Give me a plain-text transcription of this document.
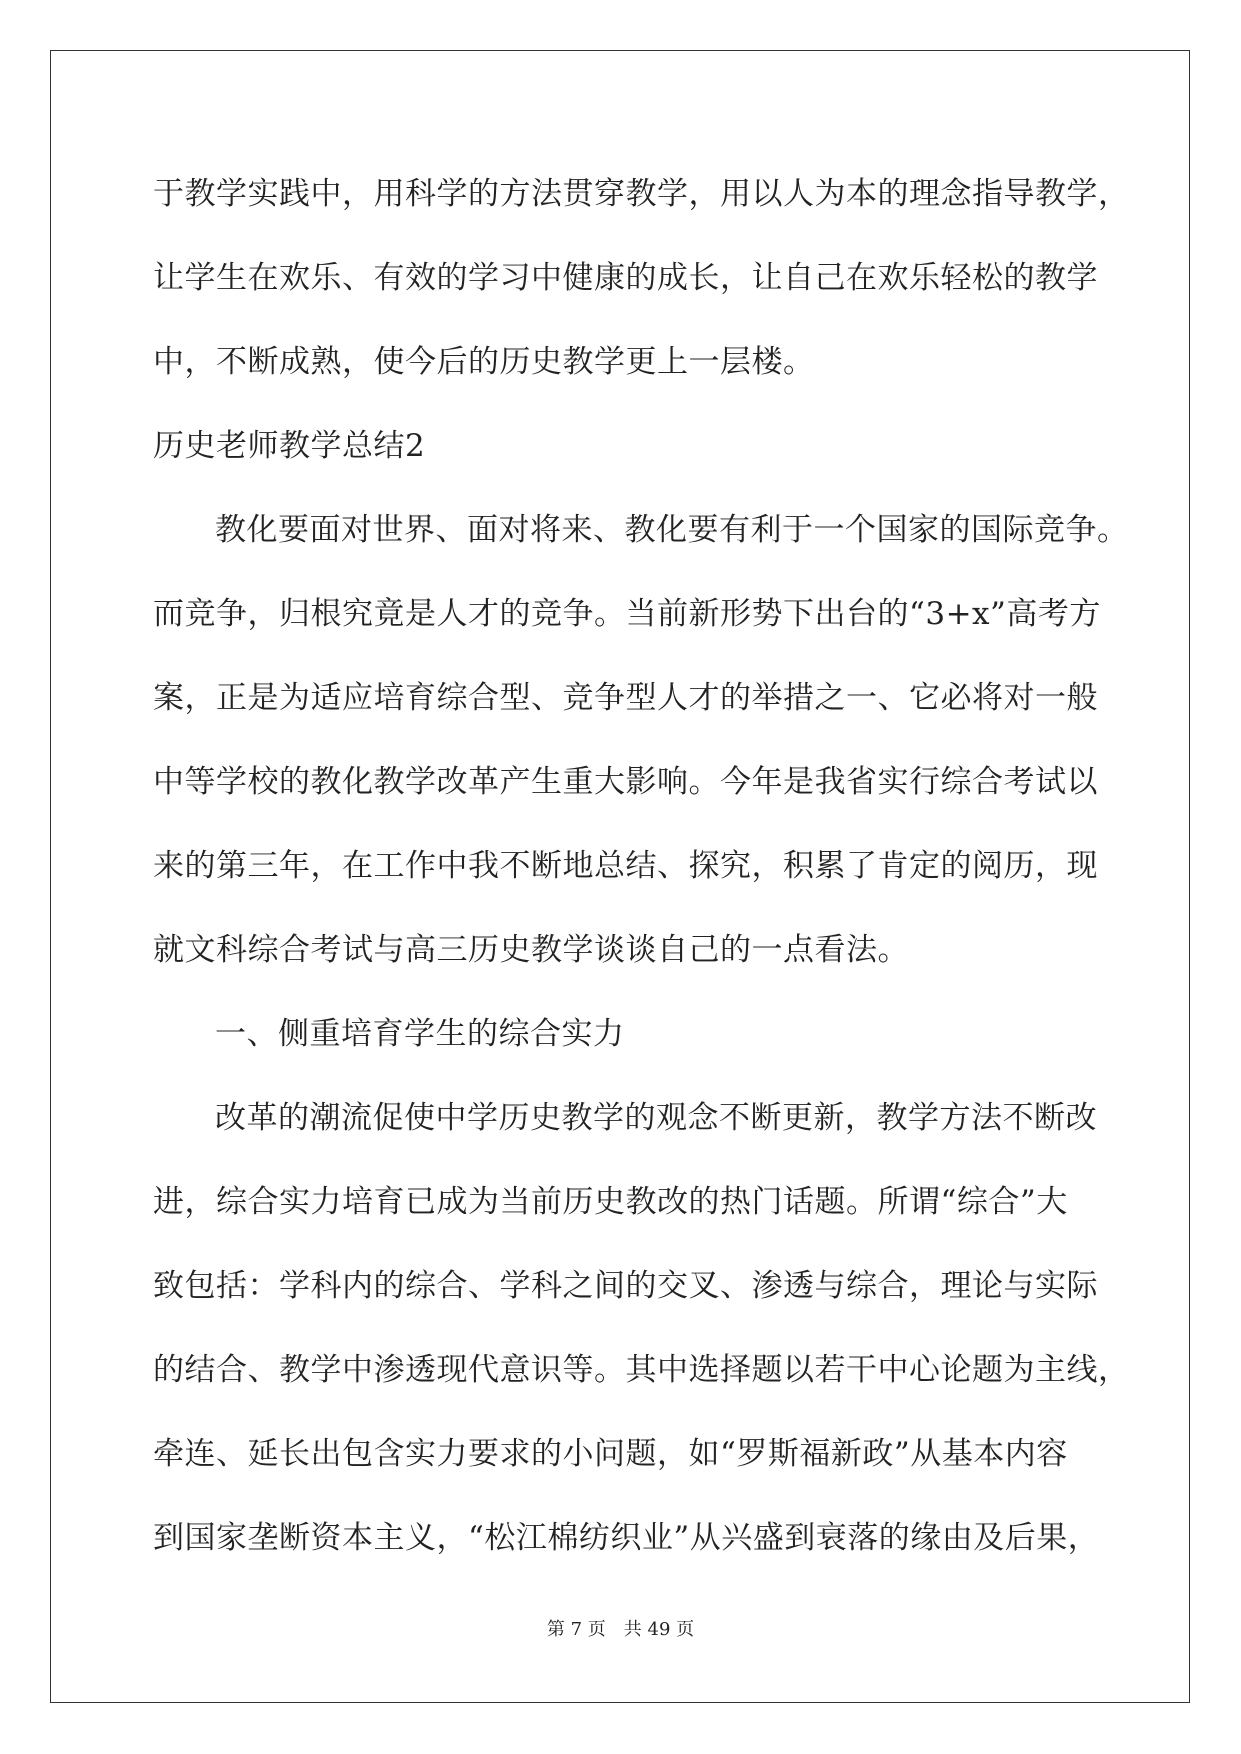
于教学实践中，用科学的方法贯穿教学，用以人为本的理念指导教学，
让学生在欢乐、有效的学习中健康的成长，让自己在欢乐轻松的教学
中，不断成熟，使今后的历史教学更上一层楼。
历史老师教学总结2
教化要面对世界、面对将来、教化要有利于一个国家的国际竞争。
而竞争，归根究竟是人才的竞争。当前新形势下出台的“3+x”高考方
案，正是为适应培育综合型、竞争型人才的举措之一、它必将对一般
中等学校的教化教学改革产生重大影响。今年是我省实行综合考试以
来的第三年，在工作中我不断地总结、探究，积累了肯定的阅历，现
就文科综合考试与高三历史教学谈谈自己的一点看法。
一、侧重培育学生的综合实力
改革的潮流促使中学历史教学的观念不断更新，教学方法不断改
进，综合实力培育已成为当前历史教改的热门话题。所谓“综合”大
致包括：学科内的综合、学科之间的交叉、渗透与综合，理论与实际
的结合、教学中渗透现代意识等。其中选择题以若干中心论题为主线，
牵连、延长出包含实力要求的小问题，如“罗斯福新政”从基本内容
到国家垄断资本主义，“松江棉纺织业”从兴盛到衰落的缘由及后果，
第 7 页 共 49 页
